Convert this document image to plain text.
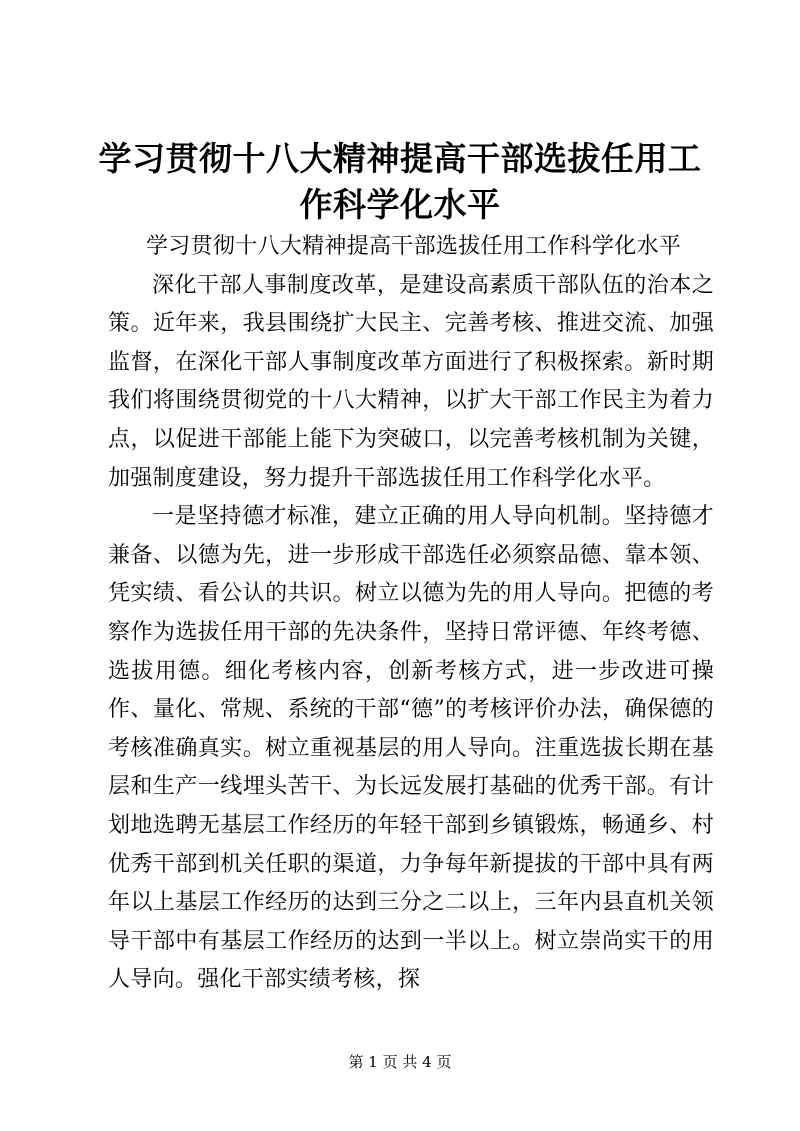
学习贯彻十八大精神提高干部选拔任用工作科学化水平

学习贯彻十八大精神提高干部选拔任用工作科学化水平

深化干部人事制度改革，是建设高素质干部队伍的治本之策。近年来，我县围绕扩大民主、完善考核、推进交流、加强监督，在深化干部人事制度改革方面进行了积极探索。新时期我们将围绕贯彻党的十八大精神，以扩大干部工作民主为着力点，以促进干部能上能下为突破口，以完善考核机制为关键，加强制度建设，努力提升干部选拔任用工作科学化水平。

一是坚持德才标准，建立正确的用人导向机制。坚持德才兼备、以德为先，进一步形成干部选任必须察品德、靠本领、凭实绩、看公认的共识。树立以德为先的用人导向。把德的考察作为选拔任用干部的先决条件，坚持日常评德、年终考德、选拔用德。细化考核内容，创新考核方式，进一步改进可操作、量化、常规、系统的干部“德”的考核评价办法，确保德的考核准确真实。树立重视基层的用人导向。注重选拔长期在基层和生产一线埋头苦干、为长远发展打基础的优秀干部。有计划地选聘无基层工作经历的年轻干部到乡镇锻炼，畅通乡、村优秀干部到机关任职的渠道，力争每年新提拔的干部中具有两年以上基层工作经历的达到三分之二以上，三年内县直机关领导干部中有基层工作经历的达到一半以上。树立崇尚实干的用人导向。强化干部实绩考核，探

第 1 页 共 4 页
